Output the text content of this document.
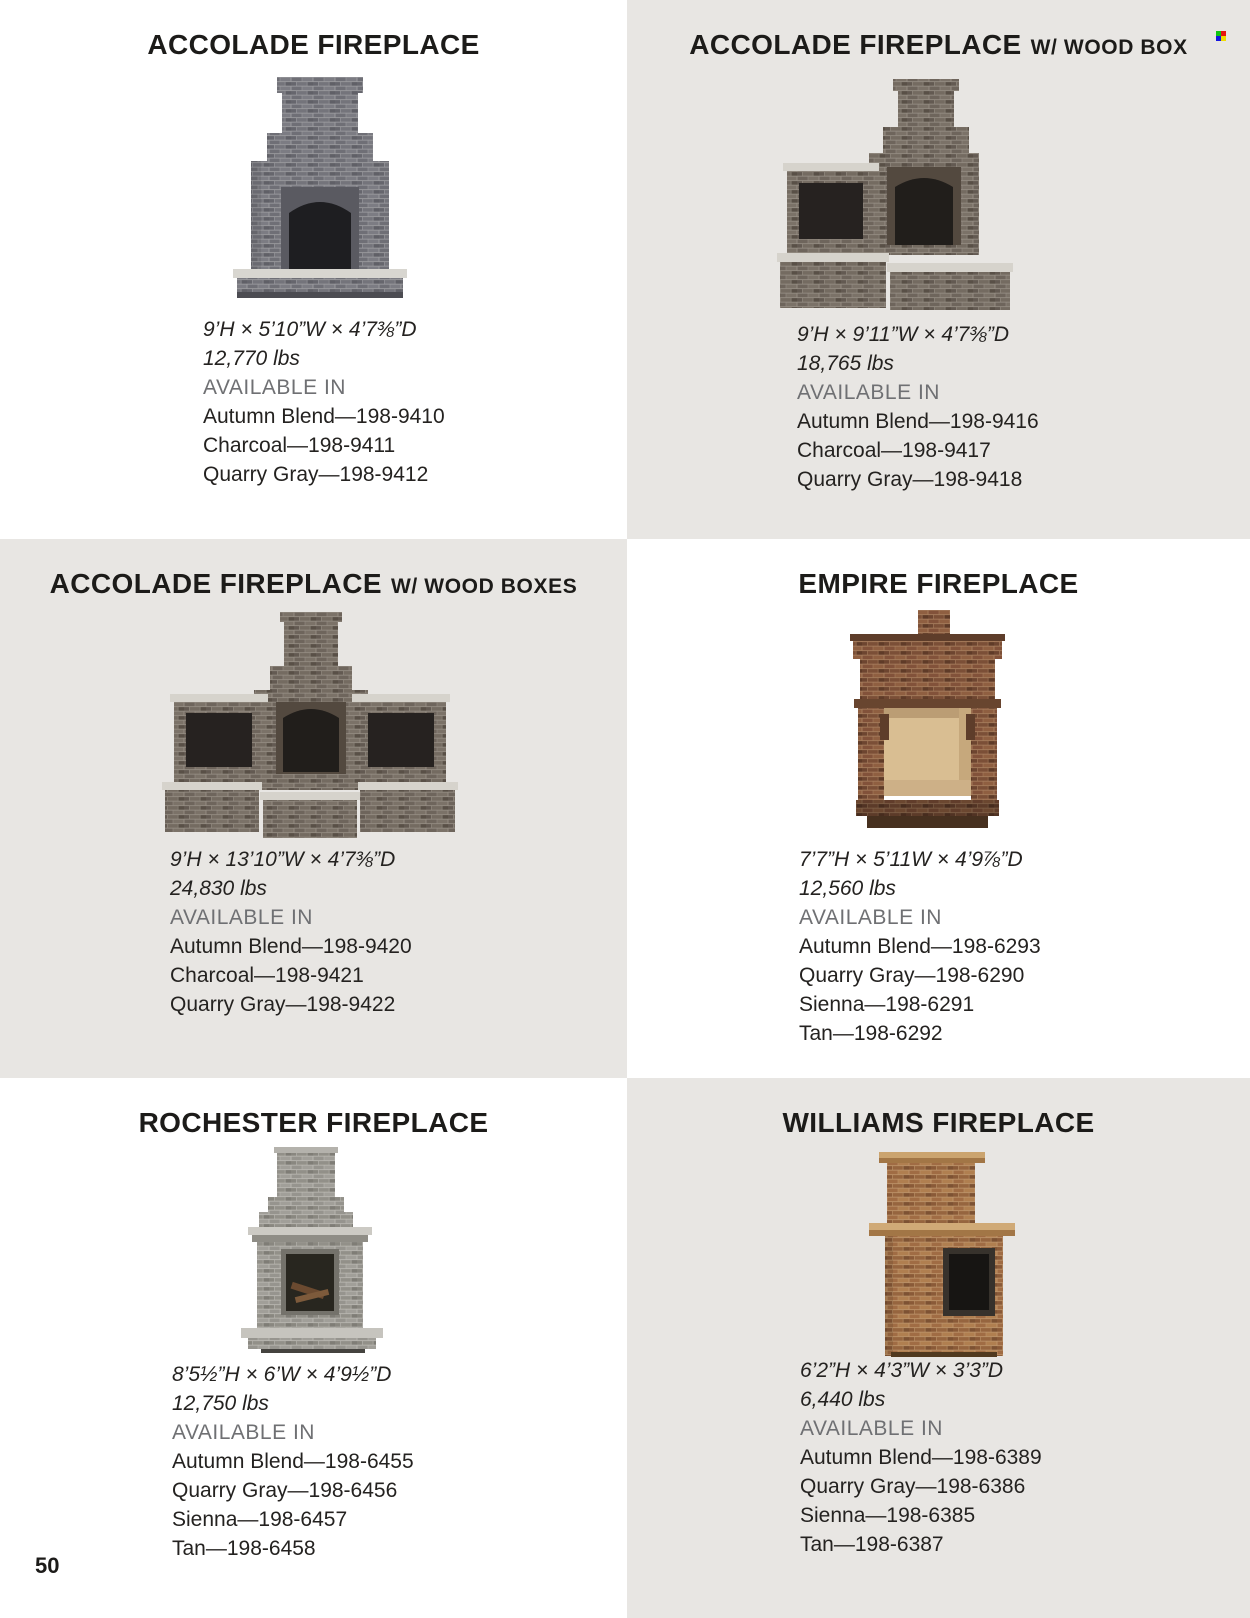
ACCOLADE FIREPLACE
9’H × 5’10”W × 4’7⅜”D
12,770 lbs
AVAILABLE IN
Autumn Blend—198-9410
Charcoal—198-9411
Quarry Gray—198-9412
ACCOLADE FIREPLACE W/ WOOD BOX
9’H × 9’11”W × 4’7⅜”D
18,765 lbs
AVAILABLE IN
Autumn Blend—198-9416
Charcoal—198-9417
Quarry Gray—198-9418
ACCOLADE FIREPLACE W/ WOOD BOXES
9’H × 13’10”W × 4’7⅜”D
24,830 lbs
AVAILABLE IN
Autumn Blend—198-9420
Charcoal—198-9421
Quarry Gray—198-9422
EMPIRE FIREPLACE
7’7”H × 5’11W × 4’9⅞”D
12,560 lbs
AVAILABLE IN
Autumn Blend—198-6293
Quarry Gray—198-6290
Sienna—198-6291
Tan—198-6292
ROCHESTER FIREPLACE
8’5½”H × 6’W × 4’9½”D
12,750 lbs
AVAILABLE IN
Autumn Blend—198-6455
Quarry Gray—198-6456
Sienna—198-6457
Tan—198-6458
WILLIAMS FIREPLACE
6’2”H × 4’3”W × 3’3”D
6,440 lbs
AVAILABLE IN
Autumn Blend—198-6389
Quarry Gray—198-6386
Sienna—198-6385
Tan—198-6387
50
